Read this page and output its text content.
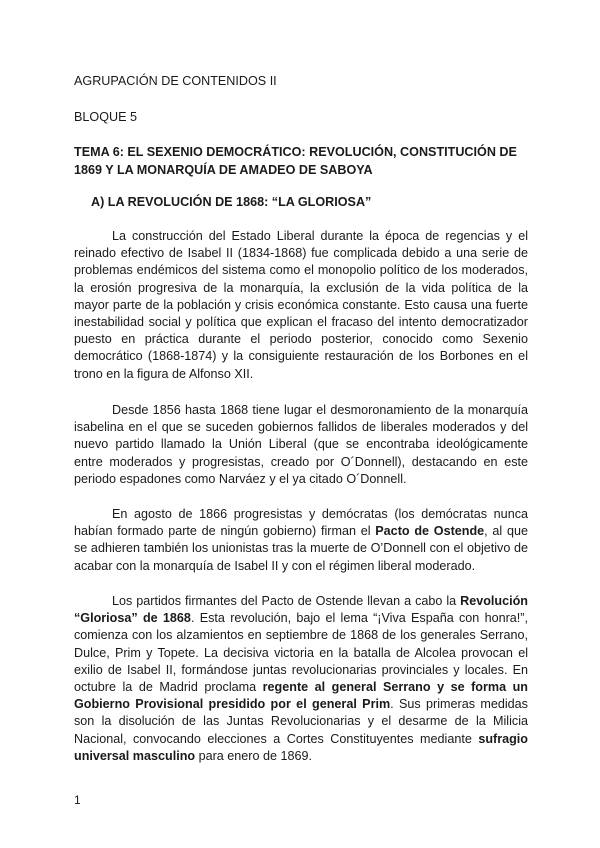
AGRUPACIÓN DE CONTENIDOS II

BLOQUE 5

TEMA 6: EL SEXENIO DEMOCRÁTICO: REVOLUCIÓN, CONSTITUCIÓN DE 1869 Y LA MONARQUÍA DE AMADEO DE SABOYA

A) LA REVOLUCIÓN DE 1868: “LA GLORIOSA”

La construcción del Estado Liberal durante la época de regencias y el reinado efectivo de Isabel II (1834-1868) fue complicada debido a una serie de problemas endémicos del sistema como el monopolio político de los moderados, la erosión progresiva de la monarquía, la exclusión de la vida política de la mayor parte de la población y crisis económica constante. Esto causa una fuerte inestabilidad social y política que explican el fracaso del intento democratizador puesto en práctica durante el periodo posterior, conocido como Sexenio democrático (1868-1874) y la consiguiente restauración de los Borbones en el trono en la figura de Alfonso XII.

Desde 1856 hasta 1868 tiene lugar el desmoronamiento de la monarquía isabelina en el que se suceden gobiernos fallidos de liberales moderados y del nuevo partido llamado la Unión Liberal (que se encontraba ideológicamente entre moderados y progresistas, creado por O´Donnell), destacando en este periodo espadones como Narváez y el ya citado O´Donnell.

En agosto de 1866 progresistas y demócratas (los demócratas nunca habían formado parte de ningún gobierno) firman el Pacto de Ostende, al que se adhieren también los unionistas tras la muerte de O’Donnell con el objetivo de acabar con la monarquía de Isabel II y con el régimen liberal moderado.

Los partidos firmantes del Pacto de Ostende llevan a cabo la Revolución “Gloriosa” de 1868. Esta revolución, bajo el lema “¡Viva España con honra!”, comienza con los alzamientos en septiembre de 1868 de los generales Serrano, Dulce, Prim y Topete. La decisiva victoria en la batalla de Alcolea provocan el exilio de Isabel II, formándose juntas revolucionarias provinciales y locales. En octubre la de Madrid proclama regente al general Serrano y se forma un Gobierno Provisional presidido por el general Prim. Sus primeras medidas son la disolución de las Juntas Revolucionarias y el desarme de la Milicia Nacional, convocando elecciones a Cortes Constituyentes mediante sufragio universal masculino para enero de 1869.

1
